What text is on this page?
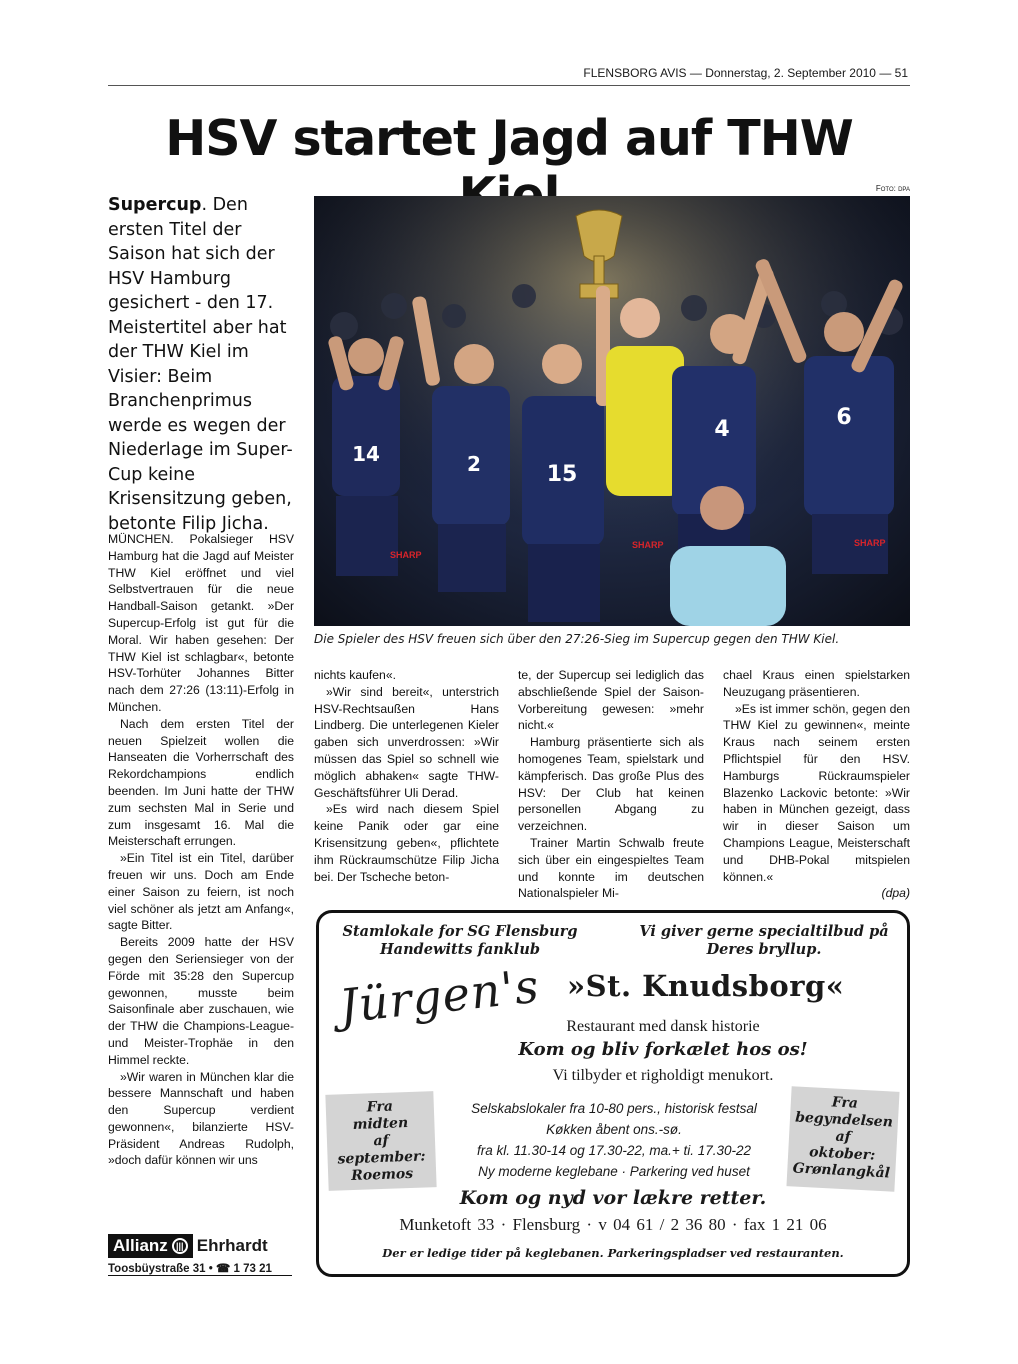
FLENSBORG AVIS — Donnerstag, 2. September 2010 — 51
HSV startet Jagd auf THW
Foto: dpa
Supercup. Den ersten Titel der Saison hat sich der HSV Hamburg gesichert - den 17. Meistertitel aber hat der THW Kiel im Visier: Beim Branchenprimus werde es wegen der Niederlage im Super-Cup keine Krisensitzung geben, betonte Filip Jicha.
14	2	15
4	6
SHARP
SHARP	SHARP
Die Spieler des HSV freuen sich über den 27:26-Sieg im Supercup gegen den THW Kiel.

MÜNCHEN. Pokalsieger HSV Hamburg hat die Jagd auf Meister THW Kiel eröffnet und viel Selbstvertrauen für die neue Handball-Saison getankt. »Der Supercup-Erfolg ist gut für die Moral. Wir haben gesehen: Der THW Kiel ist schlagbar«, betonte HSV-Torhüter Johannes Bitter nach dem 27:26 (13:11)-Erfolg in München.

Nach dem ersten Titel der neuen Spielzeit wollen die Hanseaten die Vorherrschaft des Rekordchampions endlich beenden. Im Juni hatte der THW zum sechsten Mal in Serie und zum insgesamt 16. Mal die Meisterschaft errungen.

»Ein Titel ist ein Titel, darüber freuen wir uns. Doch am Ende einer Saison zu feiern, ist noch viel schöner als jetzt am Anfang«, sagte Bitter.

Bereits 2009 hatte der HSV gegen den Seriensieger von der Förde mit 35:28 den Supercup gewonnen, musste beim Saisonfinale aber zuschauen, wie der THW die Champions-League- und Meister-Trophäe in den Himmel reckte.

»Wir waren in München klar die bessere Mannschaft und haben den Supercup verdient gewonnen«, bilanzierte HSV-Präsident Andreas Rudolph, »doch dafür können wir uns

nichts kaufen«.

»Wir sind bereit«, unterstrich HSV-Rechtsaußen Hans Lindberg. Die unterlegenen Kieler gaben sich unverdrossen: »Wir müssen das Spiel so schnell wie möglich abhaken« sagte THW-Geschäftsführer Uli Derad.

»Es wird nach diesem Spiel keine Panik oder gar eine Krisensitzung geben«, pflichtete ihm Rückraumschütze Filip Jicha bei. Der Tscheche beton-

te, der Supercup sei lediglich das abschließende Spiel der Saison-Vorbereitung gewesen: »mehr nicht.«

Hamburg präsentierte sich als homogenes Team, spielstark und kämpferisch. Das große Plus des HSV: Der Club hat keinen personellen Abgang zu verzeichnen.

Trainer Martin Schwalb freute sich über ein eingespieltes Team und konnte im deutschen Nationalspieler Mi-

chael Kraus einen spielstarken Neuzugang präsentieren.

»Es ist immer schön, gegen den THW Kiel zu gewinnen«, meinte Kraus nach seinem ersten Pflichtspiel für den HSV. Hamburgs Rückraumspieler Blazenko Lackovic betonte: »Wir haben in München gezeigt, dass wir in dieser Saison um Champions League, Meisterschaft und DHB-Pokal mitspielen können.«

(dpa)

Allianz ||| Ehrhardt
Toosbüystraße 31 • ☎ 1 73 21
Stamlokale for SG Flensburg Handewitts fanklub
Vi giver gerne specialtilbud på Deres bryllup.
Jürgen's »St. Knudsborg«
Restaurant med dansk historie
Kom og bliv forkælet hos os!
Vi tilbyder et righoldigt menukort.
Selskabslokaler fra 10-80 pers., historisk festsal
Køkken åbent ons.-sø.
fra kl. 11.30-14 og 17.30-22, ma.+ ti. 17.30-22
Ny moderne keglebane · Parkering ved huset
Fra
midten
af
september:
Roemos
Fra
begyndelsen
af
oktober:
Grønlangkål
Kom og nyd vor lækre retter.
Munketoft 33 · Flensburg · v 04 61 / 2 36 80 · fax 1 21 06
Der er ledige tider på keglebanen. Parkeringspladser ved restauranten.
